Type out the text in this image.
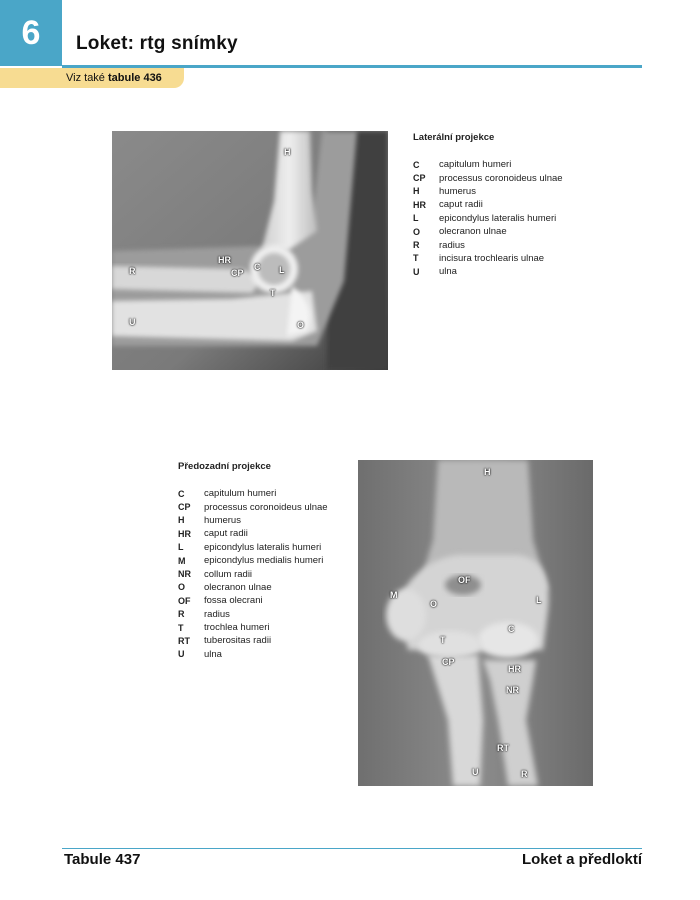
6	Loket: rtg snímky
Viz také tabule 436
H
HR
C L
CP
R
T
U	O
Laterální projekce
C	capitulum humeri
CP	processus coronoideus ulnae
H	humerus
HR	caput radii
L	epicondylus lateralis humeri
O	olecranon ulnae
R	radius
T	incisura trochlearis ulnae
U	ulna
H
OF
M
O	L
C
T
CP
HR
NR
RT
U	R
Předozadní projekce
C	capitulum humeri
CP	processus coronoideus ulnae
H	humerus
HR	caput radii
L	epicondylus lateralis humeri
M	epicondylus medialis humeri
NR	collum radii
O	olecranon ulnae
OF	fossa olecrani
R	radius
T	trochlea humeri
RT	tuberositas radii
U	ulna
Tabule 437	Loket a předloktí
